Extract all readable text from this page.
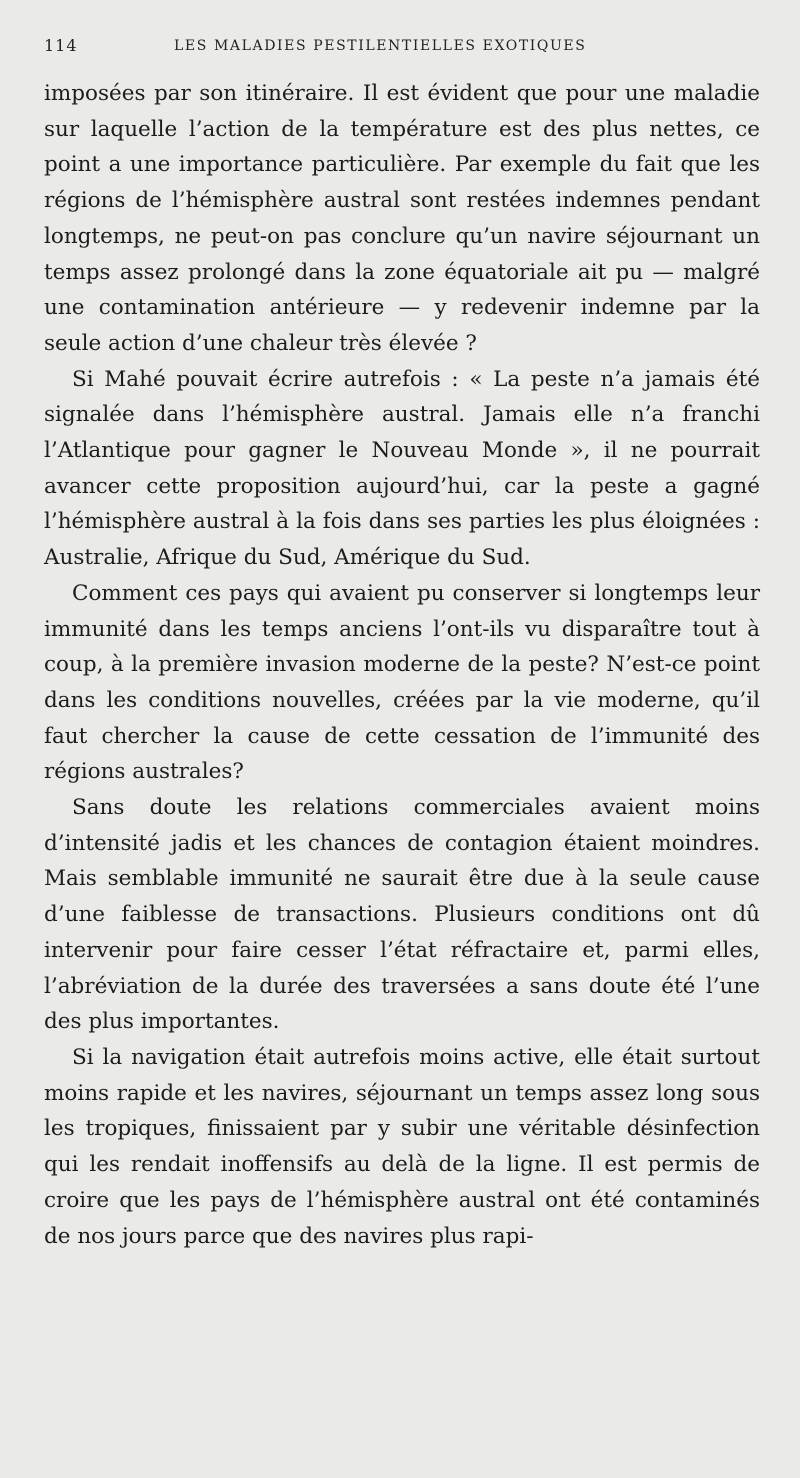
114	LES MALADIES PESTILENTIELLES EXOTIQUES

imposées par son itinéraire. Il est évident que pour une maladie sur laquelle l’action de la température est des plus nettes, ce point a une importance particulière. Par exemple du fait que les régions de l’hémisphère austral sont restées indemnes pendant longtemps, ne peut-on pas conclure qu’un navire séjournant un temps assez prolongé dans la zone équatoriale ait pu — malgré une contamination antérieure — y redevenir indemne par la seule action d’une chaleur très élevée ?

Si Mahé pouvait écrire autrefois : « La peste n’a jamais été signalée dans l’hémisphère austral. Jamais elle n’a franchi l’Atlantique pour gagner le Nouveau Monde », il ne pourrait avancer cette proposition aujourd’hui, car la peste a gagné l’hémisphère austral à la fois dans ses parties les plus éloignées : Australie, Afrique du Sud, Amérique du Sud.

Comment ces pays qui avaient pu conserver si longtemps leur immunité dans les temps anciens l’ont-ils vu disparaître tout à coup, à la première invasion moderne de la peste? N’est-ce point dans les conditions nouvelles, créées par la vie moderne, qu’il faut chercher la cause de cette cessation de l’immunité des régions australes?

Sans doute les relations commerciales avaient moins d’intensité jadis et les chances de contagion étaient moindres. Mais semblable immunité ne saurait être due à la seule cause d’une faiblesse de transactions. Plusieurs conditions ont dû intervenir pour faire cesser l’état réfractaire et, parmi elles, l’abréviation de la durée des traversées a sans doute été l’une des plus importantes.

Si la navigation était autrefois moins active, elle était surtout moins rapide et les navires, séjournant un temps assez long sous les tropiques, finissaient par y subir une véritable désinfection qui les rendait inoffensifs au delà de la ligne. Il est permis de croire que les pays de l’hémisphère austral ont été contaminés de nos jours parce que des navires plus rapi-
